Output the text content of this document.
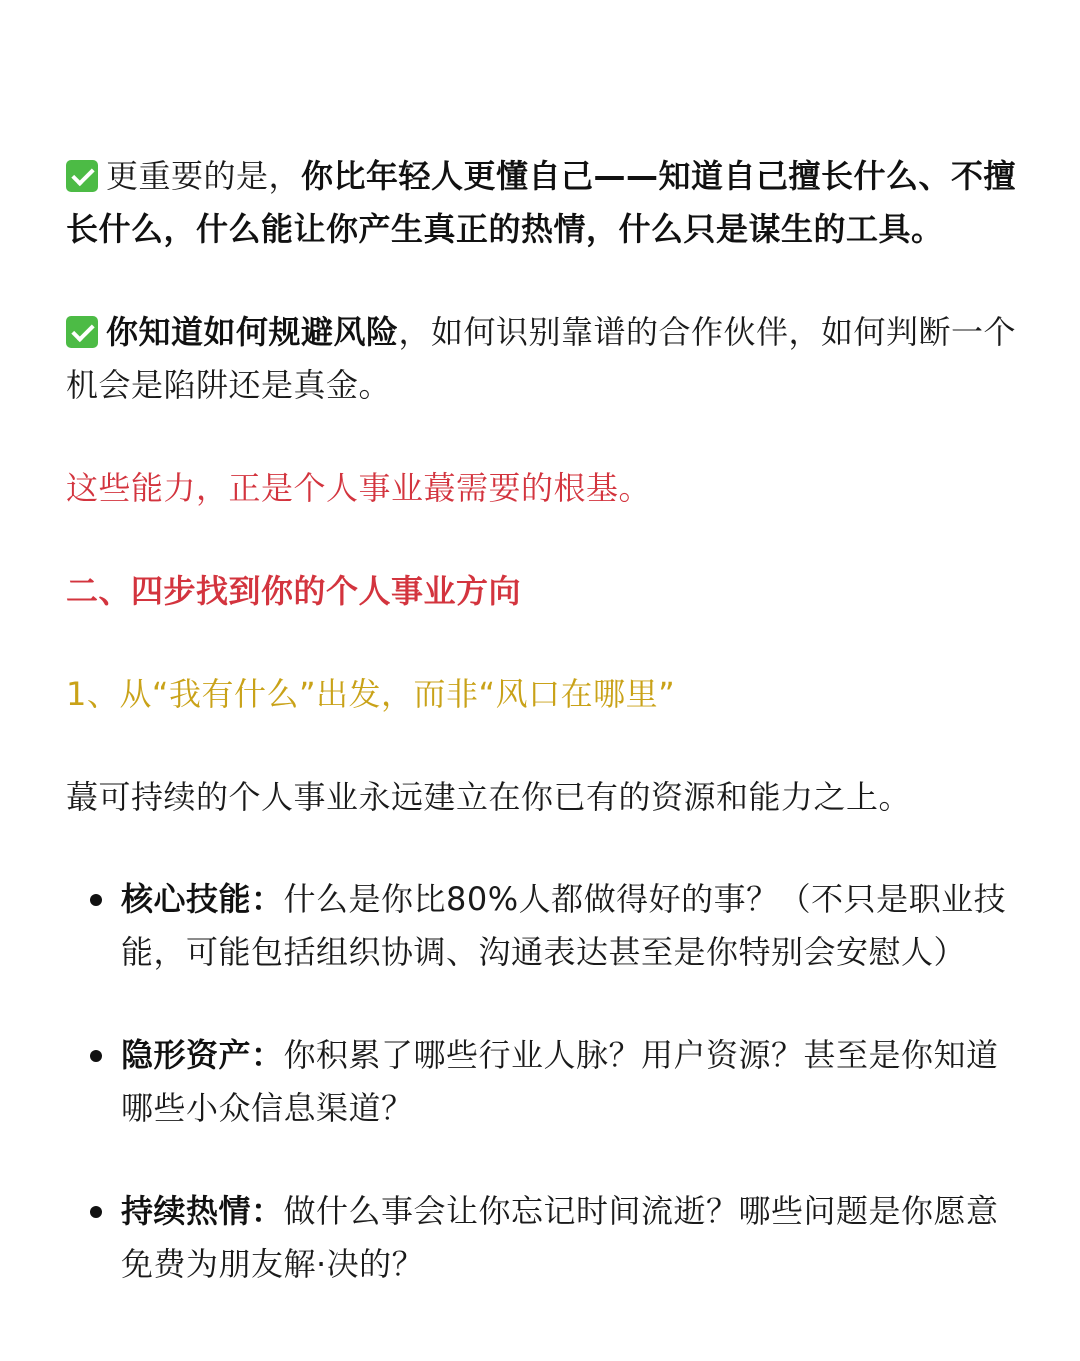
更重要的是，你比年轻人更懂自己——知道自己擅长什么、不擅长什么，什么能让你产生真正的热情，什么只是谋生的工具。

你知道如何规避风险，如何识别靠谱的合作伙伴，如何判断一个机会是陷阱还是真金。

这些能力，正是个人事业蕞需要的根基。

二、四步找到你的个人事业方向

1、从“我有什么”出发，而非“风口在哪里”

蕞可持续的个人事业永远建立在你已有的资源和能力之上。

核心技能：什么是你比80%人都做得好的事？（不只是职业技能，可能包括组织协调、沟通表达甚至是你特别会安慰人）
隐形资产：你积累了哪些行业人脉？用户资源？甚至是你知道哪些小众信息渠道？
持续热情：做什么事会让你忘记时间流逝？哪些问题是你愿意免费为朋友解·决的？
